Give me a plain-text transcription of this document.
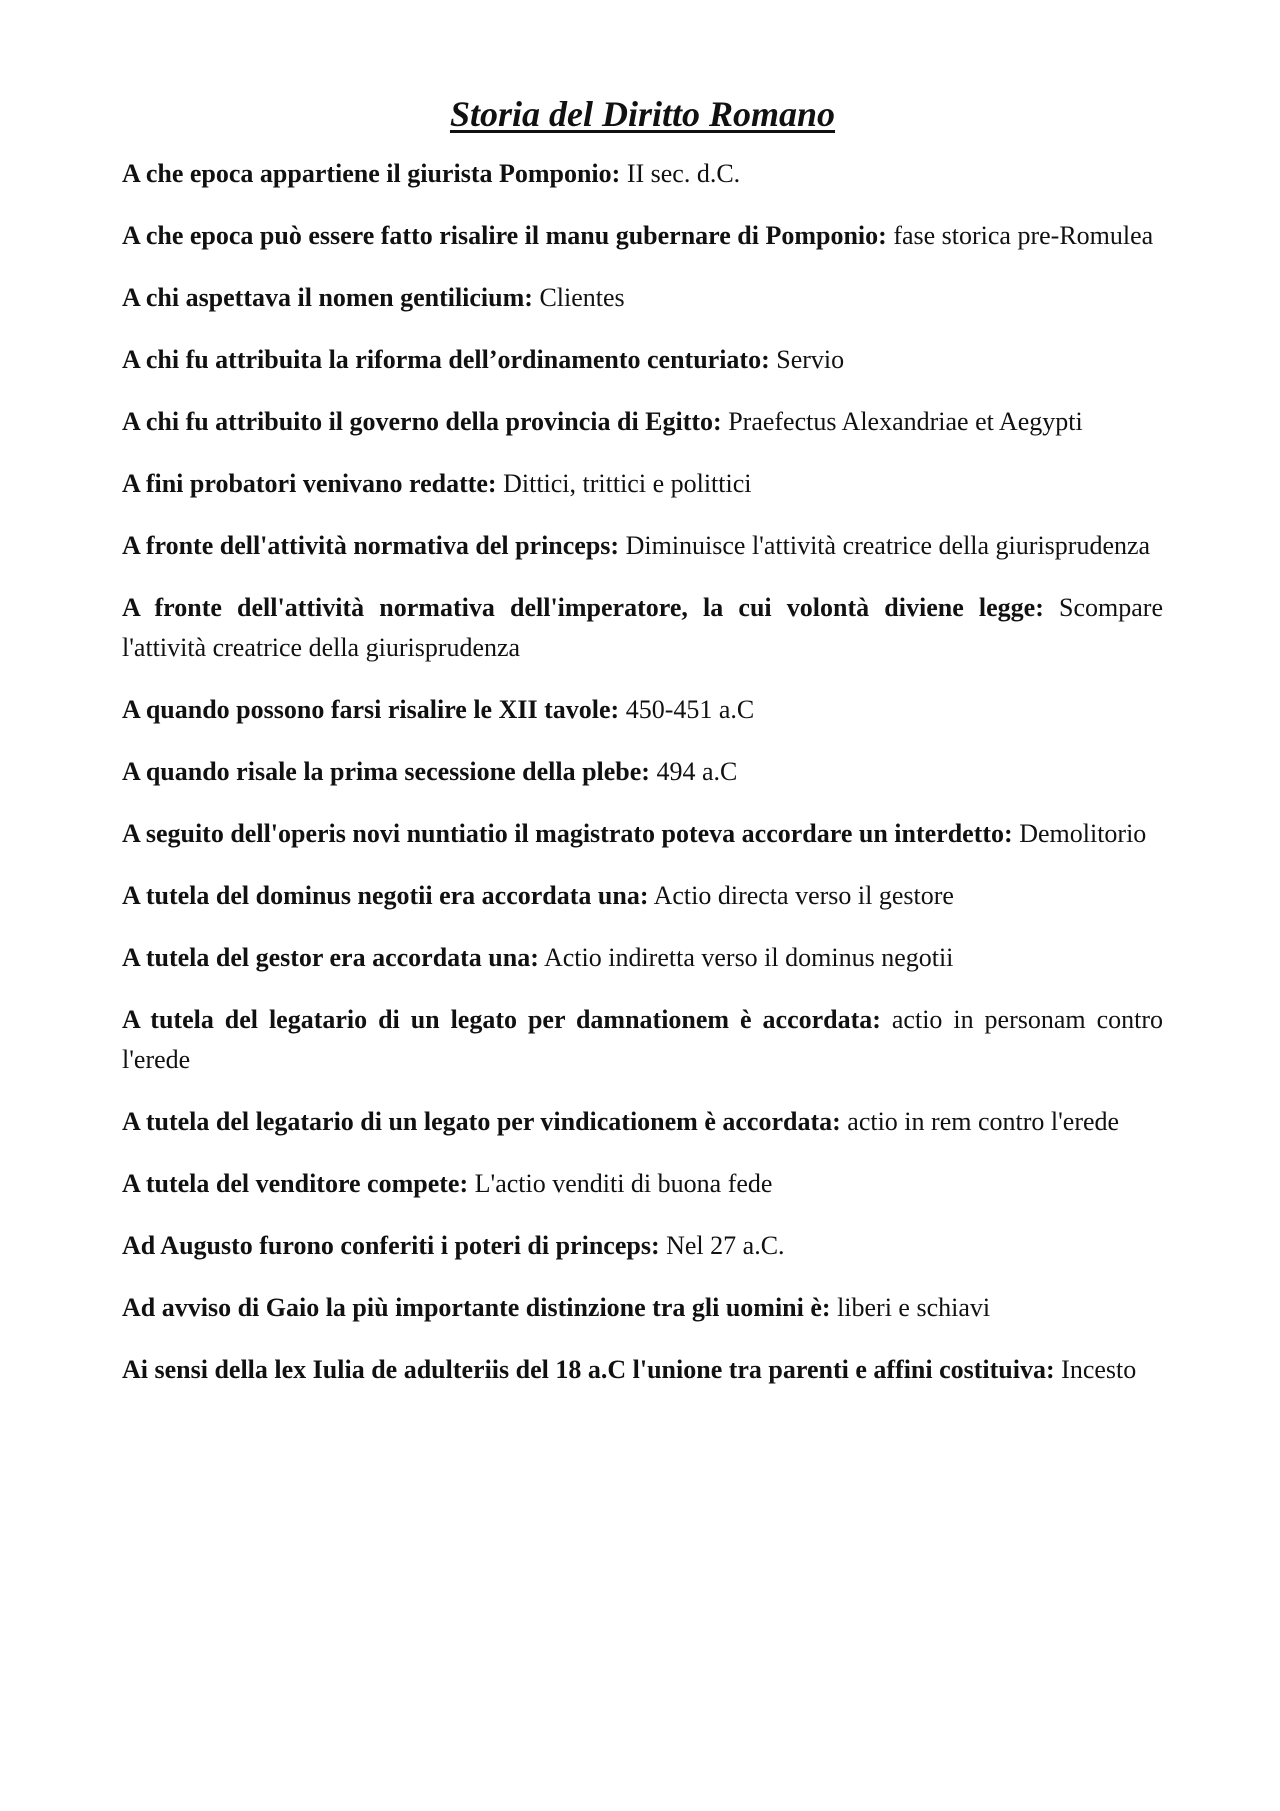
Storia del Diritto Romano

A che epoca appartiene il giurista Pomponio: II sec. d.C.

A che epoca può essere fatto risalire il manu gubernare di Pomponio: fase storica pre-Romulea

A chi aspettava il nomen gentilicium: Clientes

A chi fu attribuita la riforma dell’ordinamento centuriato: Servio

A chi fu attribuito il governo della provincia di Egitto: Praefectus Alexandriae et Aegypti

A fini probatori venivano redatte: Dittici, trittici e polittici

A fronte dell'attività normativa del princeps: Diminuisce l'attività creatrice della giurisprudenza

A fronte dell'attività normativa dell'imperatore, la cui volontà diviene legge: Scompare l'attività creatrice della giurisprudenza

A quando possono farsi risalire le XII tavole: 450-451 a.C

A quando risale la prima secessione della plebe: 494 a.C

A seguito dell'operis novi nuntiatio il magistrato poteva accordare un interdetto: Demolitorio

A tutela del dominus negotii era accordata una: Actio directa verso il gestore

A tutela del gestor era accordata una: Actio indiretta verso il dominus negotii

A tutela del legatario di un legato per damnationem è accordata: actio in personam contro l'erede

A tutela del legatario di un legato per vindicationem è accordata: actio in rem contro l'erede

A tutela del venditore compete: L'actio venditi di buona fede

Ad Augusto furono conferiti i poteri di princeps: Nel 27 a.C.

Ad avviso di Gaio la più importante distinzione tra gli uomini è: liberi e schiavi

Ai sensi della lex Iulia de adulteriis del 18 a.C l'unione tra parenti e affini costituiva: Incesto
